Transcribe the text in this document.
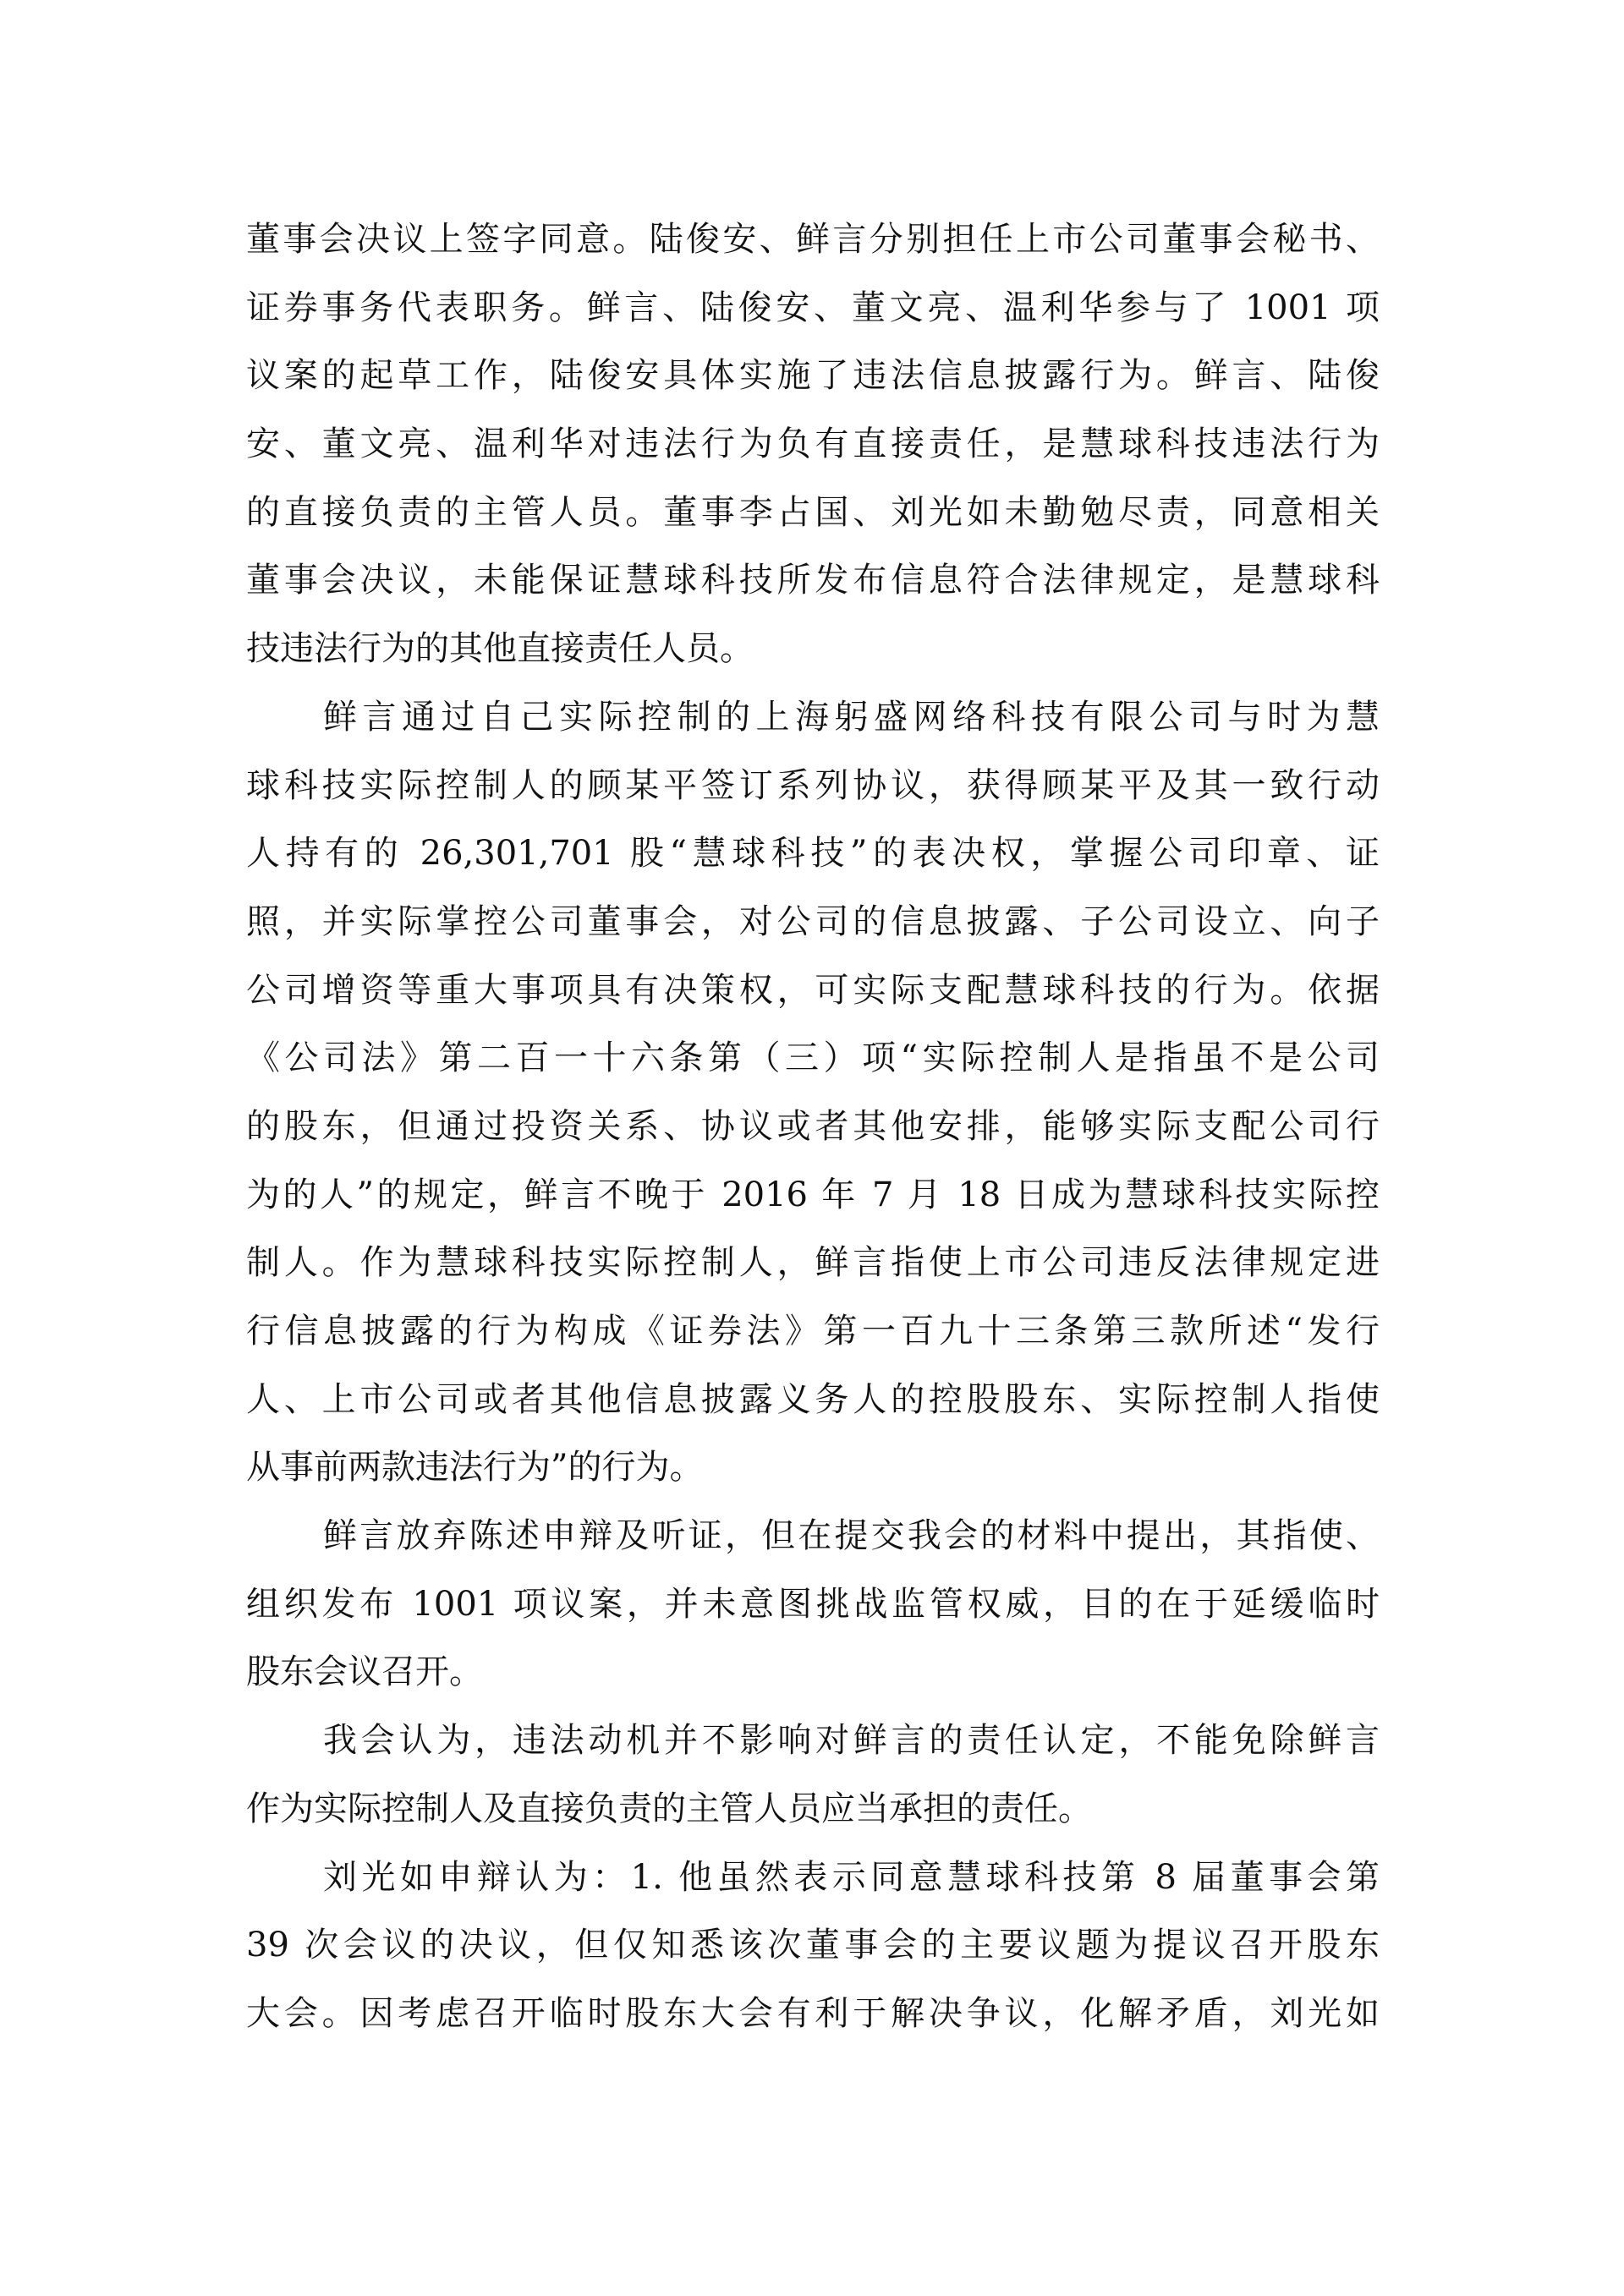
董事会决议上签字同意。陆俊安、鲜言分别担任上市公司董事会秘书、
证券事务代表职务。鲜言、陆俊安、董文亮、温利华参与了 1001 项
议案的起草工作，陆俊安具体实施了违法信息披露行为。鲜言、陆俊
安、董文亮、温利华对违法行为负有直接责任，是慧球科技违法行为
的直接负责的主管人员。董事李占国、刘光如未勤勉尽责，同意相关
董事会决议，未能保证慧球科技所发布信息符合法律规定，是慧球科
技违法行为的其他直接责任人员。
鲜言通过自己实际控制的上海躬盛网络科技有限公司与时为慧
球科技实际控制人的顾某平签订系列协议，获得顾某平及其一致行动
人持有的 26,301,701 股“慧球科技”的表决权，掌握公司印章、证
照，并实际掌控公司董事会，对公司的信息披露、子公司设立、向子
公司增资等重大事项具有决策权，可实际支配慧球科技的行为。依据
《公司法》第二百一十六条第（三）项“实际控制人是指虽不是公司
的股东，但通过投资关系、协议或者其他安排，能够实际支配公司行
为的人”的规定，鲜言不晚于 2016 年 7 月 18 日成为慧球科技实际控
制人。作为慧球科技实际控制人，鲜言指使上市公司违反法律规定进
行信息披露的行为构成《证券法》第一百九十三条第三款所述“发行
人、上市公司或者其他信息披露义务人的控股股东、实际控制人指使
从事前两款违法行为”的行为。
鲜言放弃陈述申辩及听证，但在提交我会的材料中提出，其指使、
组织发布 1001 项议案，并未意图挑战监管权威，目的在于延缓临时
股东会议召开。
我会认为，违法动机并不影响对鲜言的责任认定，不能免除鲜言
作为实际控制人及直接负责的主管人员应当承担的责任。
刘光如申辩认为：1. 他虽然表示同意慧球科技第 8 届董事会第
39 次会议的决议，但仅知悉该次董事会的主要议题为提议召开股东
大会。因考虑召开临时股东大会有利于解决争议，化解矛盾，刘光如
